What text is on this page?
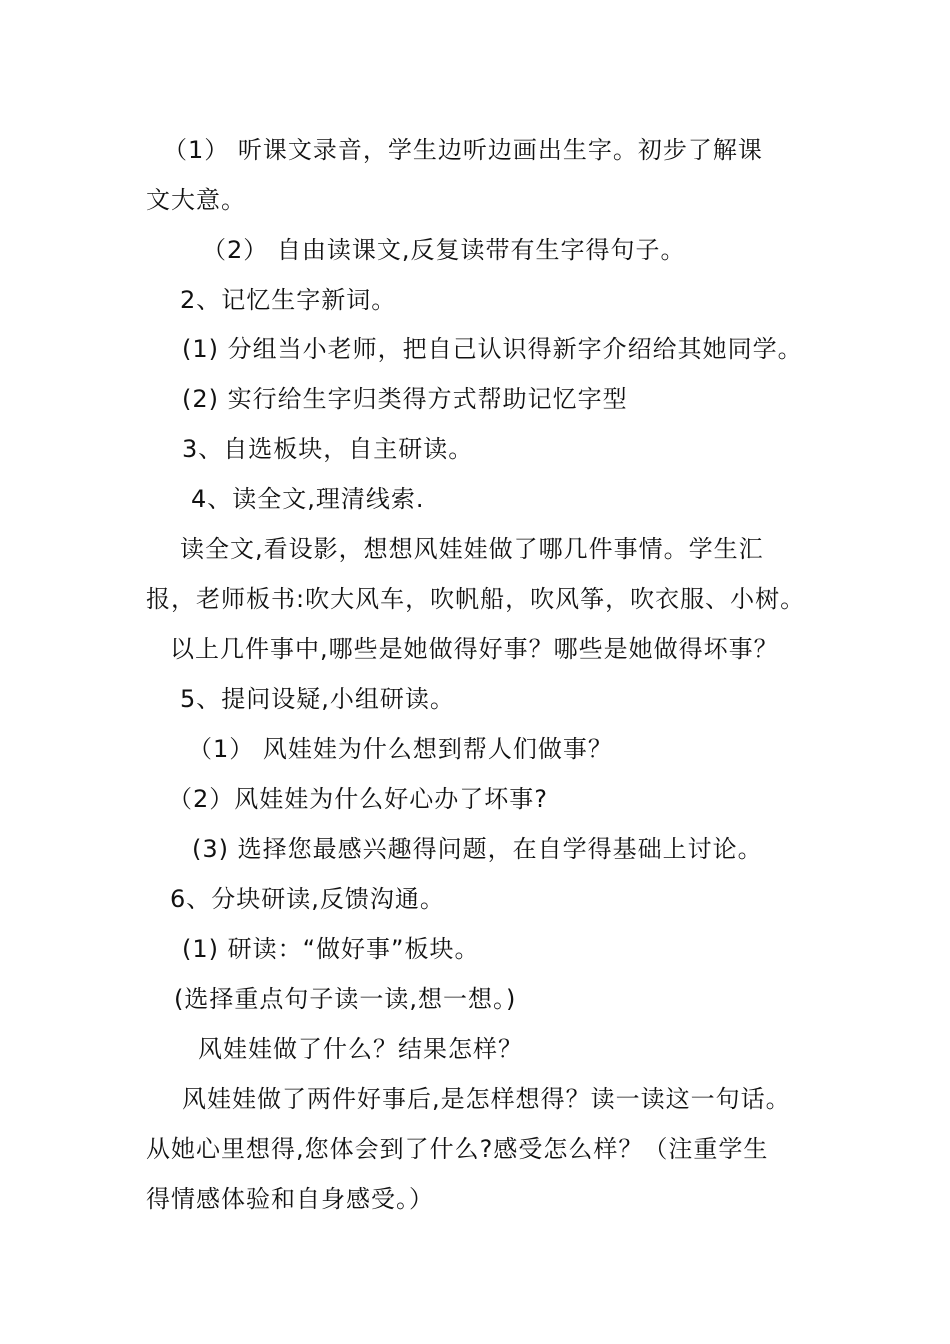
（1） 听课文录音，学生边听边画出生字。初步了解课
文大意。
（2） 自由读课文,反复读带有生字得句子。
2、记忆生字新词。
(1) 分组当小老师，把自己认识得新字介绍给其她同学。
(2) 实行给生字归类得方式帮助记忆字型
3、自选板块，自主研读。
4、读全文,理清线索.
读全文,看设影，想想风娃娃做了哪几件事情。学生汇
报，老师板书:吹大风车，吹帆船，吹风筝，吹衣服、小树。
以上几件事中,哪些是她做得好事？哪些是她做得坏事？
5、提问设疑,小组研读。
（1） 风娃娃为什么想到帮人们做事？
（2）风娃娃为什么好心办了坏事?
(3) 选择您最感兴趣得问题，在自学得基础上讨论。
6、分块研读,反馈沟通。
(1) 研读：“做好事”板块。
(选择重点句子读一读,想一想。)
风娃娃做了什么？结果怎样？
风娃娃做了两件好事后,是怎样想得？读一读这一句话。
从她心里想得,您体会到了什么?感受怎么样？（注重学生
得情感体验和自身感受。）
